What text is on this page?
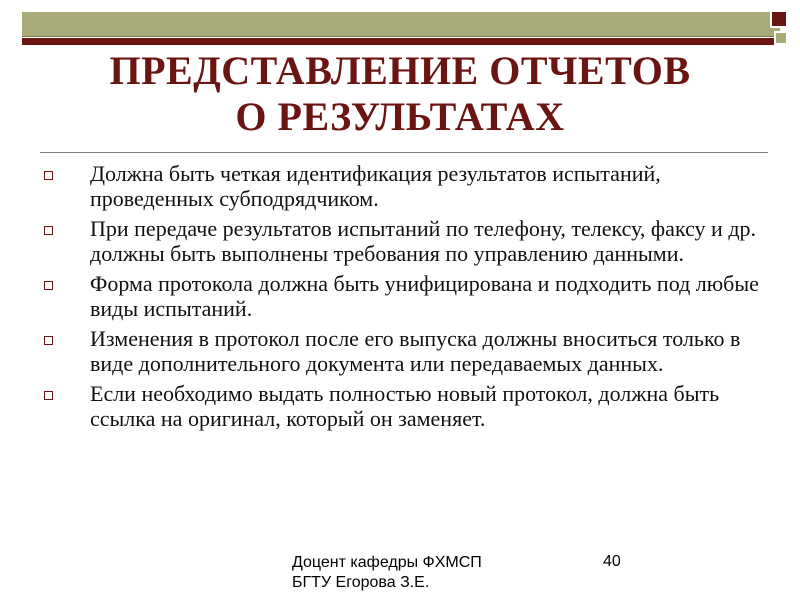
ПРЕДСТАВЛЕНИЕ ОТЧЕТОВ
О РЕЗУЛЬТАТАХ
Должна быть четкая идентификация результатов испытаний, проведенных субподрядчиком.
При передаче результатов испытаний по телефону, телексу, факсу и др. должны быть выполнены требования по управлению данными.
Форма протокола должна быть унифицирована и подходить под любые виды испытаний.
Изменения в протокол после его выпуска должны вноситься только в виде дополнительного документа или передаваемых данных.
Если необходимо выдать полностью новый протокол, должна быть ссылка на оригинал, который он заменяет.
Доцент кафедры ФХМСП
БГТУ Егорова З.Е.
40
